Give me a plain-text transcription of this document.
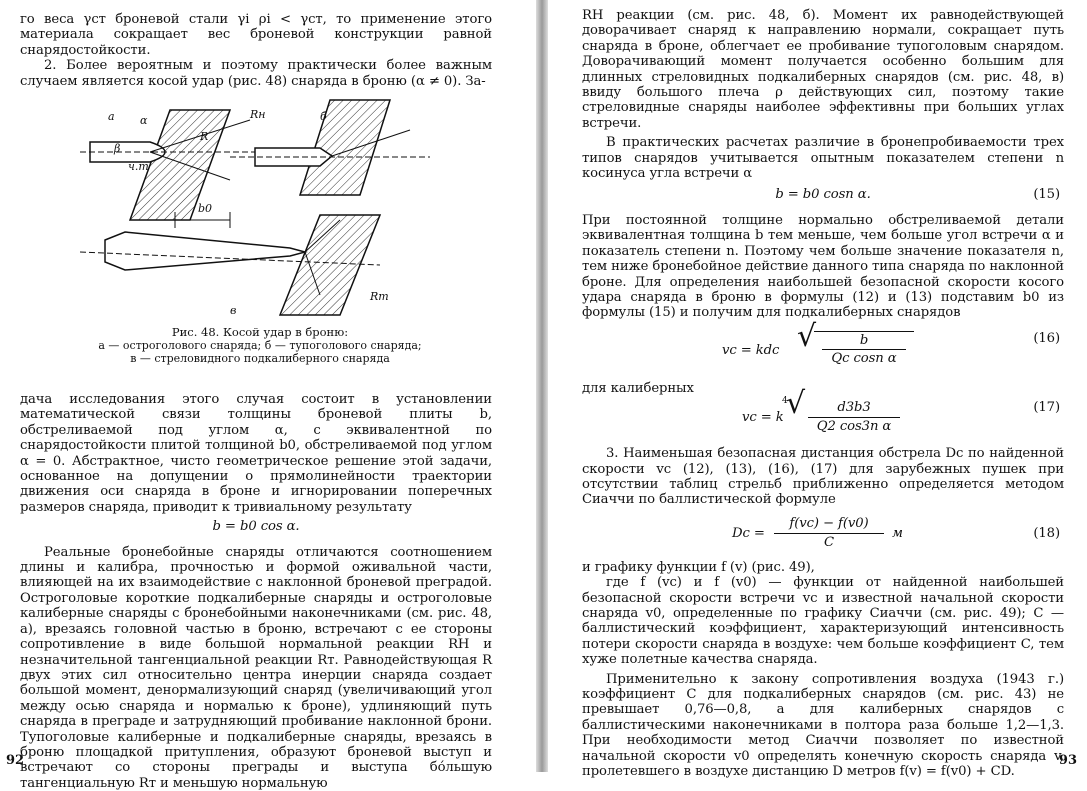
го веса γст броневой стали γi ρi < γст, то применение этого материала сокращает вес броневой конструкции равной снарядостойкости.

2. Более вероятным и поэтому практически более важным случаем является косой удар (рис. 48) снаряда в броню (α ≠ 0). За-

а	б
в
α
β
Rн
R
Rт
ч.т
b0
Рис. 48. Косой удар в броню:
а — остроголового снаряда; б — тупоголового снаряда;
в — стреловидного подкалиберного снаряда

дача исследования этого случая состоит в установлении математической связи толщины броневой плиты b, обстреливаемой под углом α, с эквивалентной по снарядостойкости плитой толщиной b0, обстреливаемой под углом α = 0. Абстрактное, чисто геометрическое решение этой задачи, основанное на допущении о прямолинейности траектории движения оси снаряда в броне и игнорировании поперечных размеров снаряда, приводит к тривиальному результату

b = b0 cos α.

Реальные бронебойные снаряды отличаются соотношением длины и калибра, прочностью и формой оживальной части, влияющей на их взаимодействие с наклонной броневой преградой. Остроголовые короткие подкалиберные снаряды и остроголовые калиберные снаряды с бронебойными наконечниками (см. рис. 48, а), врезаясь головной частью в броню, встречают с ее стороны сопротивление в виде большой нормальной реакции RН и незначительной тангенциальной реакции Rт. Равнодействующая R двух этих сил относительно центра инерции снаряда создает большой момент, денормализующий снаряд (увеличивающий угол между осью снаряда и нормалью к броне), удлиняющий путь снаряда в преграде и затрудняющий пробивание наклонной брони. Тупоголовые калиберные и подкалиберные снаряды, врезаясь в броню площадкой притупления, образуют броневой выступ и встречают со стороны преграды и выступа бо́льшую тангенциальную Rт и меньшую нормальную

92

RН реакции (см. рис. 48, б). Момент их равнодействующей доворачивает снаряд к направлению нормали, сокращает путь снаряда в броне, облегчает ее пробивание тупоголовым снарядом. Доворачивающий момент получается особенно большим для длинных стреловидных подкалиберных снарядов (см. рис. 48, в) ввиду большого плеча ρ действующих сил, поэтому такие стреловидные снаряды наиболее эффективны при больших углах встречи.

В практических расчетах различие в бронепробиваемости трех типов снарядов учитывается опытным показателем степени n косинуса угла встречи α

b = b0 cosn α.	(15)

При постоянной толщине нормально обстреливаемой детали эквивалентная толщина b тем меньше, чем больше угол встречи α и показатель степени n. Поэтому чем больше значение показателя n, тем ниже бронебойное действие данного типа снаряда по наклонной броне. Для определения наибольшей безопасной скорости косого удара снаряда в броню в формулы (12) и (13) подставим b0 из формулы (15) и получим для подкалиберных снарядов

vc = kdc √	b
Qc cosn α
(16)

для калиберных

vc = k
4
√	d3b3
Q2 cos3n α
(17)

3. Наименьшая безопасная дистанция обстрела Dc по найденной скорости vc (12), (13), (16), (17) для зарубежных пушек при отсутствии таблиц стрельб приближенно определяется методом Сиаччи по баллистической формуле

Dc =
f(vc) − f(v0)
C
м	(18)

и графику функции f (v) (рис. 49),

где f (vc) и f (v0) — функции от найденной наибольшей безопасной скорости встречи vc и известной начальной скорости снаряда v0, определенные по графику Сиаччи (см. рис. 49); C — баллистический коэффициент, характеризующий интенсивность потери скорости снаряда в воздухе: чем больше коэффициент C, тем хуже полетные качества снаряда.

Применительно к закону сопротивления воздуха (1943 г.) коэффициент C для подкалиберных снарядов (см. рис. 43) не превышает 0,76—0,8, а для калиберных снарядов с баллистическими наконечниками в полтора раза больше 1,2—1,3. При необходимости метод Сиаччи позволяет по известной начальной скорости v0 определять конечную скорость снаряда v, пролетевшего в воздухе дистанцию D метров f(v) = f(v0) + CD.

93
